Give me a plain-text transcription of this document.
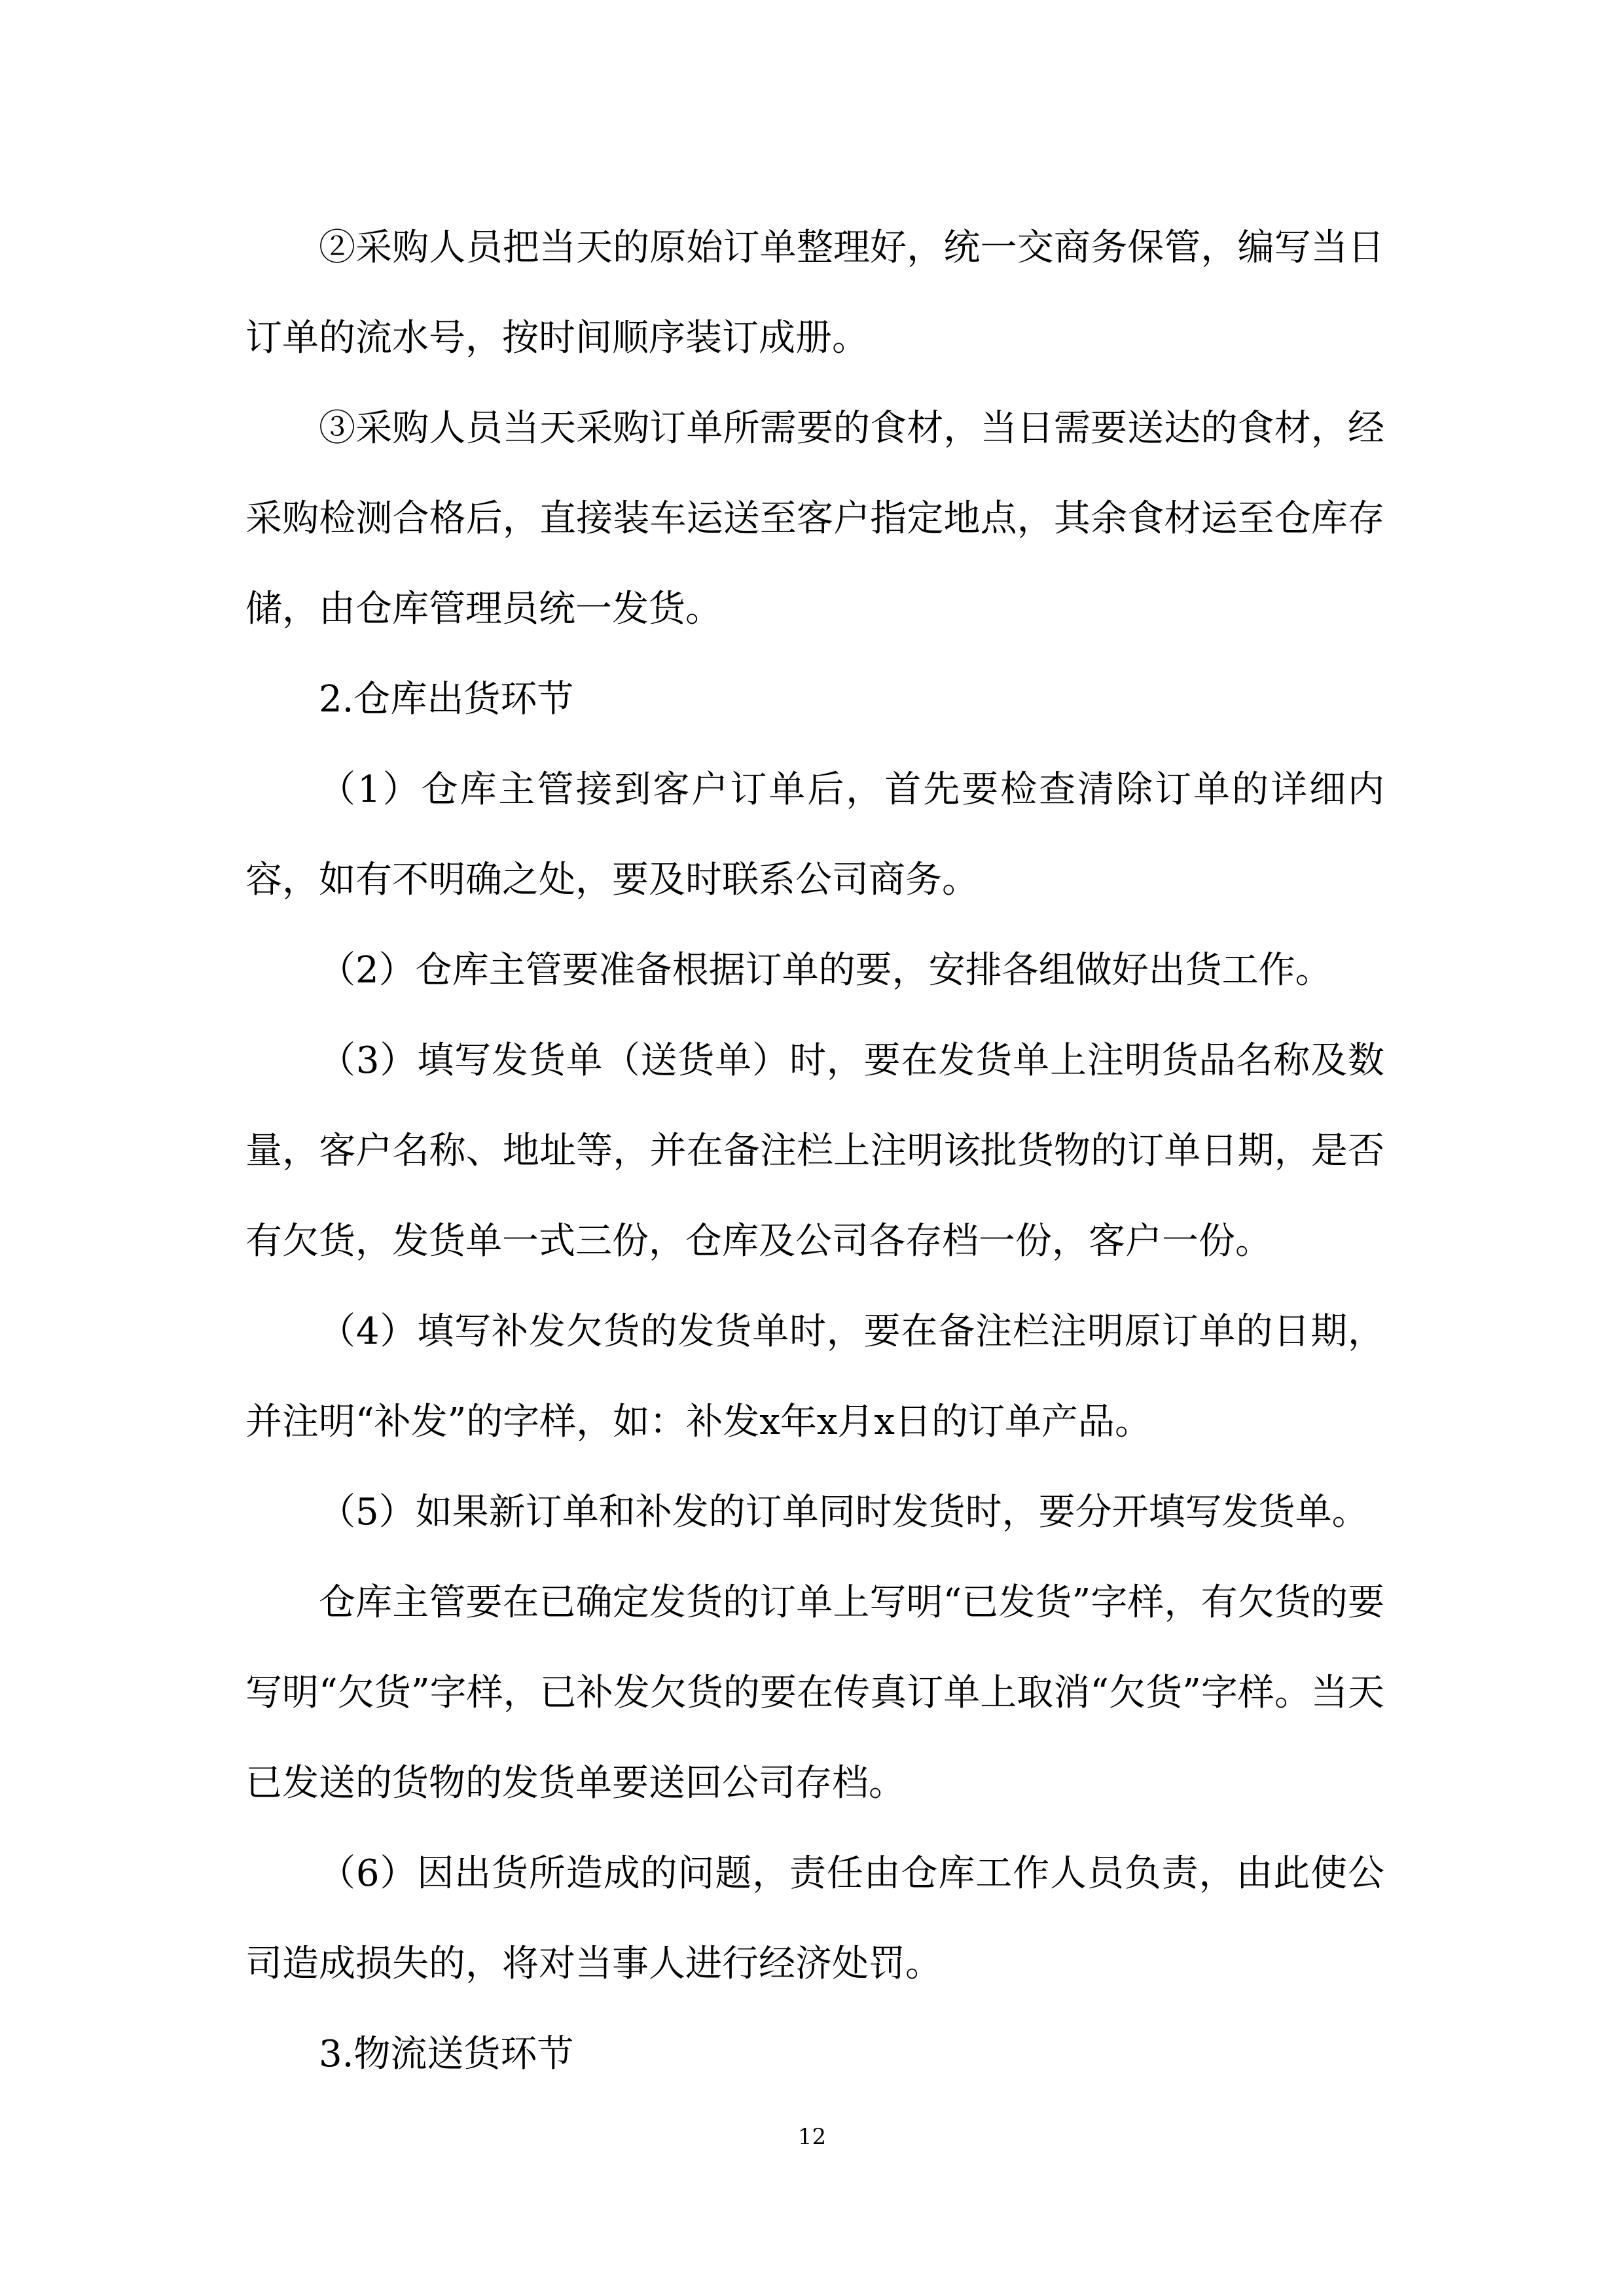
②采购人员把当天的原始订单整理好，统一交商务保管，编写当日订单的流水号，按时间顺序装订成册。

③采购人员当天采购订单所需要的食材，当日需要送达的食材，经采购检测合格后，直接装车运送至客户指定地点，其余食材运至仓库存储，由仓库管理员统一发货。

2.仓库出货环节

（1）仓库主管接到客户订单后，首先要检查清除订单的详细内容，如有不明确之处，要及时联系公司商务。

（2）仓库主管要准备根据订单的要，安排各组做好出货工作。

（3）填写发货单（送货单）时，要在发货单上注明货品名称及数量，客户名称、地址等，并在备注栏上注明该批货物的订单日期，是否有欠货，发货单一式三份，仓库及公司各存档一份，客户一份。

（4）填写补发欠货的发货单时，要在备注栏注明原订单的日期，并注明“补发”的字样，如：补发x年x月x日的订单产品。

（5）如果新订单和补发的订单同时发货时，要分开填写发货单。

仓库主管要在已确定发货的订单上写明“已发货”字样，有欠货的要写明“欠货”字样，已补发欠货的要在传真订单上取消“欠货”字样。当天已发送的货物的发货单要送回公司存档。

（6）因出货所造成的问题，责任由仓库工作人员负责，由此使公司造成损失的，将对当事人进行经济处罚。

3.物流送货环节

12
